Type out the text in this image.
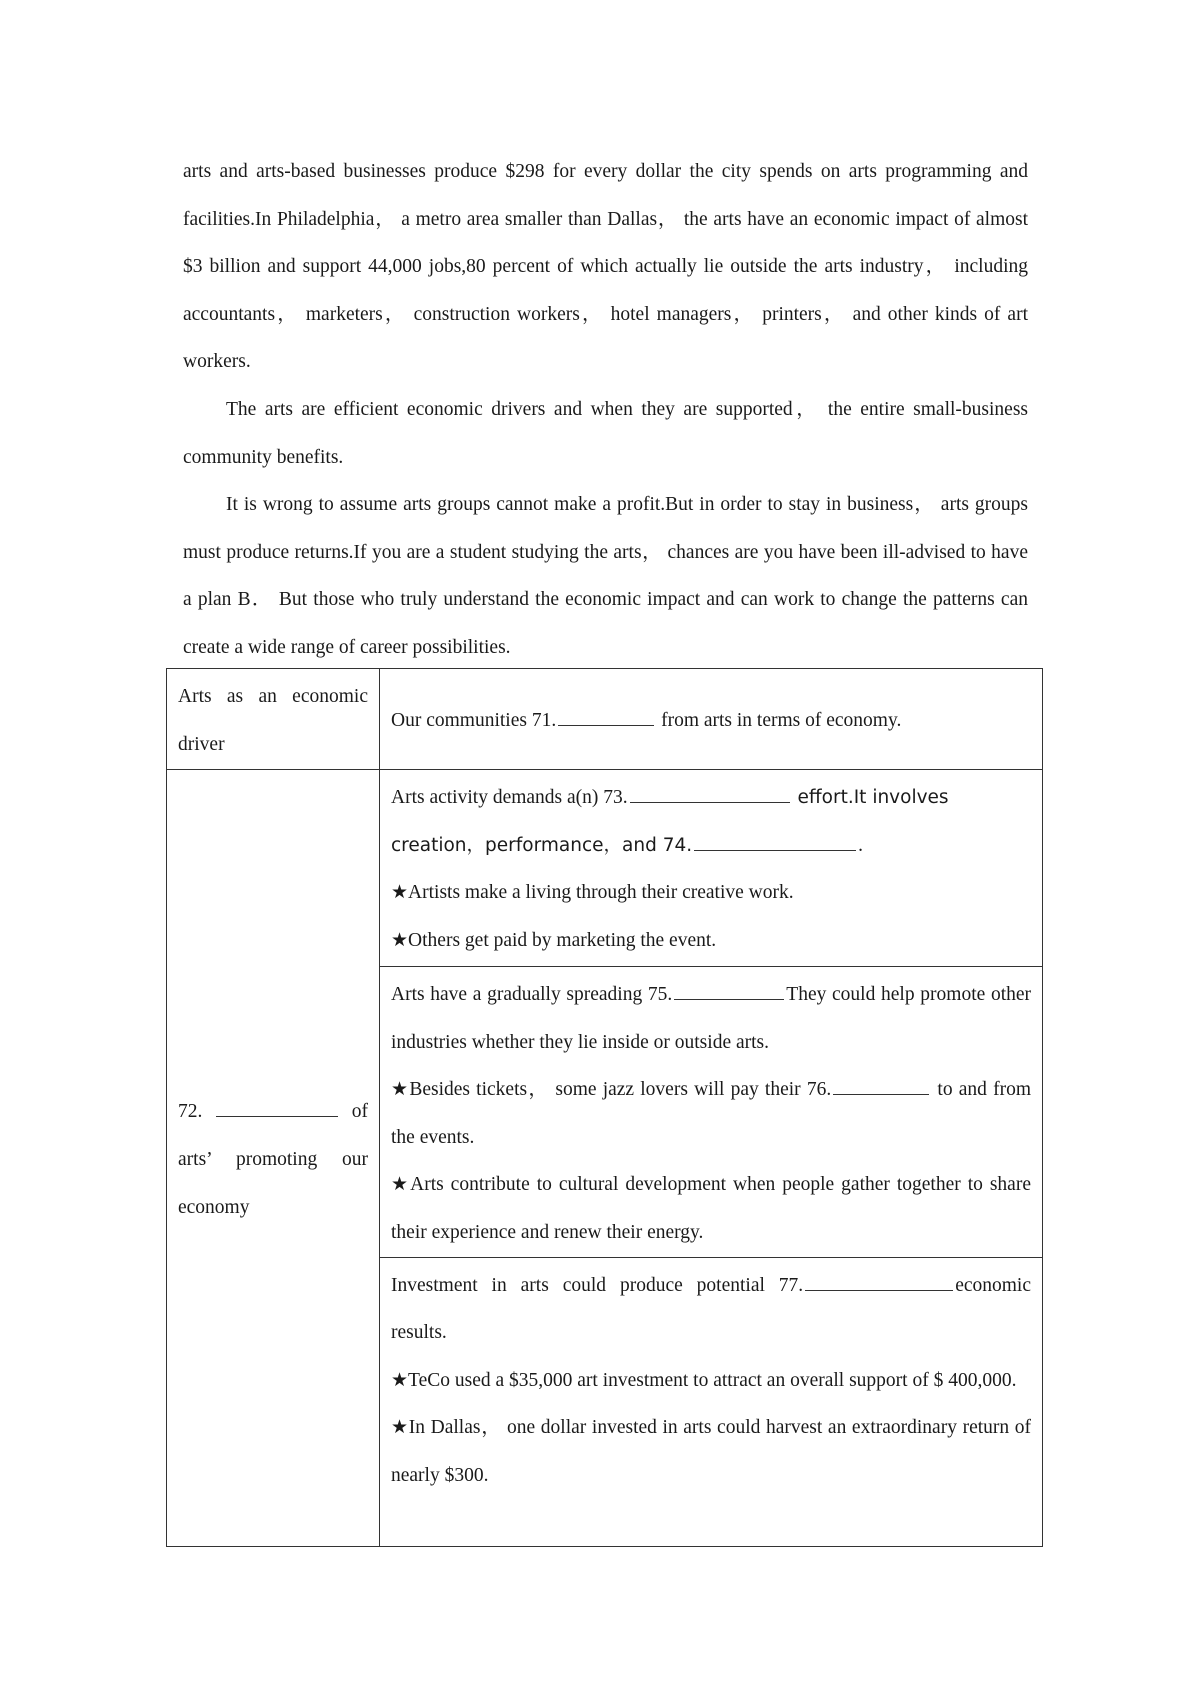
arts and arts-based businesses produce $298 for every dollar the city spends on arts programming and facilities.In Philadelphia， a metro area smaller than Dallas， the arts have an economic impact of almost $3 billion and support 44,000 jobs,80 percent of which actually lie outside the arts industry， including accountants， marketers， construction workers， hotel managers， printers， and other kinds of art workers.

The arts are efficient economic drivers and when they are supported， the entire small-business community benefits.

It is wrong to assume arts groups cannot make a profit.But in order to stay in business， arts groups must produce returns.If you are a student studying the arts， chances are you have been ill-advised to have a plan B． But those who truly understand the economic impact and can work to change the patterns can create a wide range of career possibilities.

Arts as an economic driver	Our communities 71. from arts in terms of economy.
72. of arts’ promoting our economy	Arts activity demands a(n) 73. effort.It involves
creation，performance，and 74. .
★Artists make a living through their creative work.
★Others get paid by marketing the event.

	Arts have a gradually spreading 75. They could help promote other industries whether they lie inside or outside arts.
★Besides tickets， some jazz lovers will pay their 76. to and from the events.
★Arts contribute to cultural development when people gather together to share their experience and renew their energy.

	Investment in arts could produce potential 77. economic results.
★TeCo used a $35,000 art investment to attract an overall support of $ 400,000.
★In Dallas， one dollar invested in arts could harvest an extraordinary return of nearly $300.
